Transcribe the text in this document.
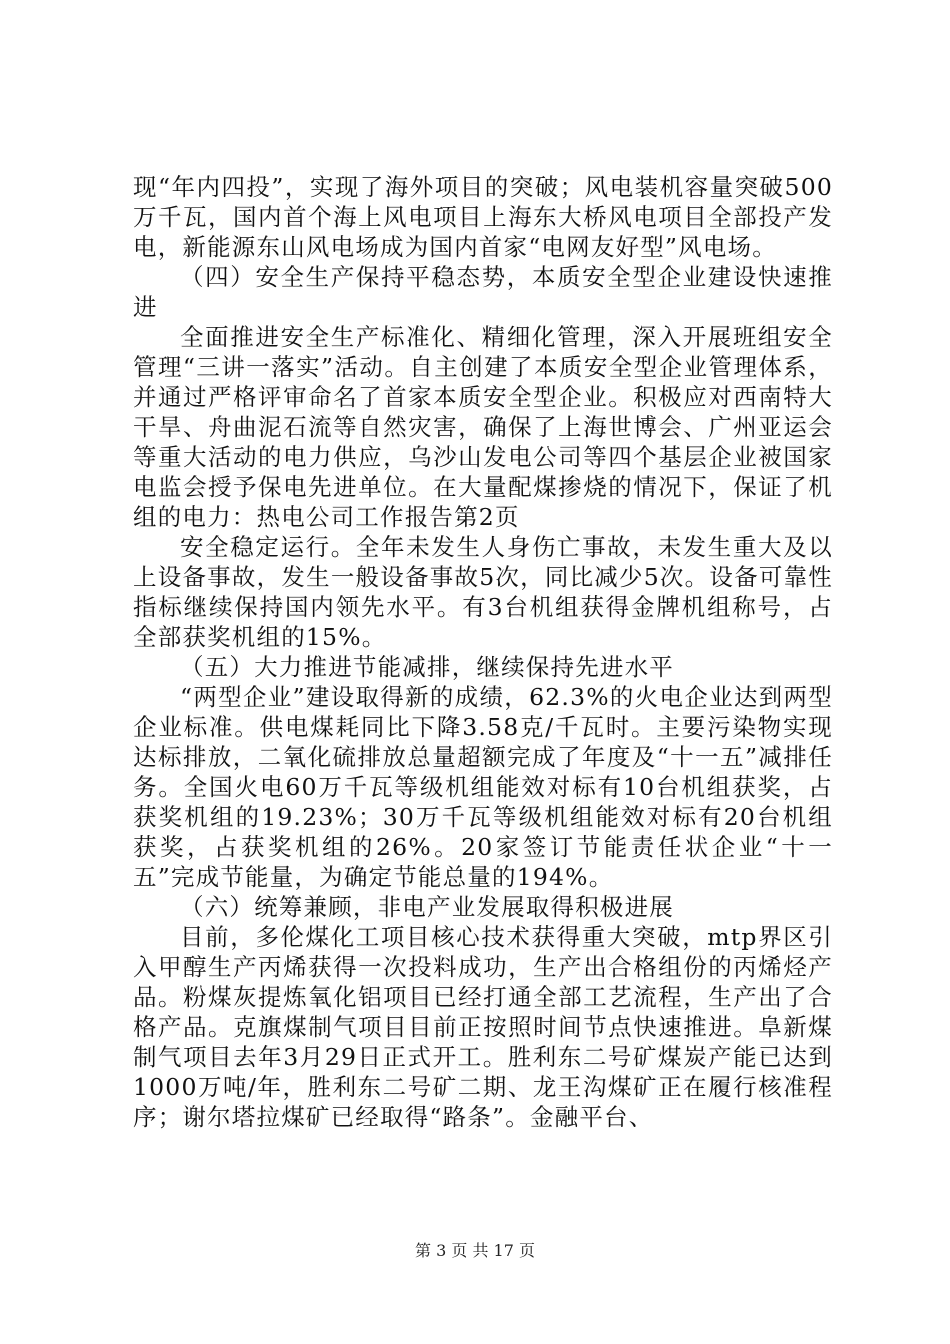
现“年内四投”，实现了海外项目的突破；风电装机容量突破500万千瓦，国内首个海上风电项目上海东大桥风电项目全部投产发电，新能源东山风电场成为国内首家“电网友好型”风电场。

（四）安全生产保持平稳态势，本质安全型企业建设快速推进

全面推进安全生产标准化、精细化管理，深入开展班组安全管理“三讲一落实”活动。自主创建了本质安全型企业管理体系，并通过严格评审命名了首家本质安全型企业。积极应对西南特大干旱、舟曲泥石流等自然灾害，确保了上海世博会、广州亚运会等重大活动的电力供应，乌沙山发电公司等四个基层企业被国家电监会授予保电先进单位。在大量配煤掺烧的情况下，保证了机组的电力：热电公司工作报告第2页

安全稳定运行。全年未发生人身伤亡事故，未发生重大及以上设备事故，发生一般设备事故5次，同比减少5次。设备可靠性指标继续保持国内领先水平。有3台机组获得金牌机组称号，占全部获奖机组的15%。

（五）大力推进节能减排，继续保持先进水平

“两型企业”建设取得新的成绩，62.3%的火电企业达到两型企业标准。供电煤耗同比下降3.58克/千瓦时。主要污染物实现达标排放，二氧化硫排放总量超额完成了年度及“十一五”减排任务。全国火电60万千瓦等级机组能效对标有10台机组获奖，占获奖机组的19.23%；30万千瓦等级机组能效对标有20台机组获奖，占获奖机组的26%。20家签订节能责任状企业“十一五”完成节能量，为确定节能总量的194%。

（六）统筹兼顾，非电产业发展取得积极进展

目前，多伦煤化工项目核心技术获得重大突破，mtp界区引入甲醇生产丙烯获得一次投料成功，生产出合格组份的丙烯烃产品。粉煤灰提炼氧化铝项目已经打通全部工艺流程，生产出了合格产品。克旗煤制气项目目前正按照时间节点快速推进。阜新煤制气项目去年3月29日正式开工。胜利东二号矿煤炭产能已达到1000万吨/年，胜利东二号矿二期、龙王沟煤矿正在履行核准程序；谢尔塔拉煤矿已经取得“路条”。金融平台、

第 3 页 共 17 页
